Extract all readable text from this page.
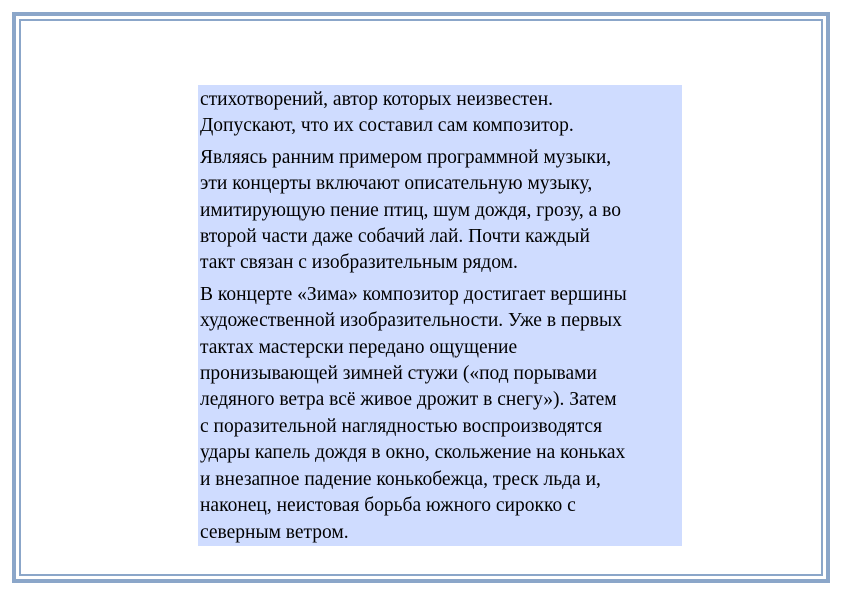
стихотворений, автор которых неизвестен.
Допускают, что их составил сам композитор.

Являясь ранним примером программной музыки,
эти концерты включают описательную музыку,
имитирующую пение птиц, шум дождя, грозу, а во
второй части даже собачий лай. Почти каждый
такт связан с изобразительным рядом.

В концерте «Зима» композитор достигает вершины
художественной изобразительности. Уже в первых
тактах мастерски передано ощущение
пронизывающей зимней стужи («под порывами
ледяного ветра всё живое дрожит в снегу»). Затем
с поразительной наглядностью воспроизводятся
удары капель дождя в окно, скольжение на коньках
и внезапное падение конькобежца, треск льда и,
наконец, неистовая борьба южного сирокко с
северным ветром.
